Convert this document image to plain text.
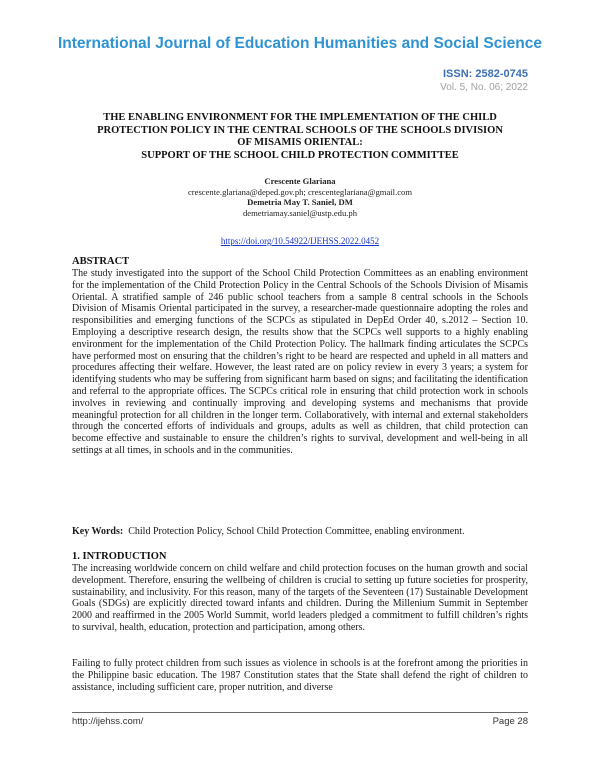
International Journal of Education Humanities and Social Science
ISSN: 2582-0745
Vol. 5, No. 06; 2022
THE ENABLING ENVIRONMENT FOR THE IMPLEMENTATION OF THE CHILD
PROTECTION POLICY IN THE CENTRAL SCHOOLS OF THE SCHOOLS DIVISION
OF MISAMIS ORIENTAL:
SUPPORT OF THE SCHOOL CHILD PROTECTION COMMITTEE
Crescente Glariana
crescente.glariana@deped.gov.ph; crescenteglariana@gmail.com
Demetria May T. Saniel, DM
demetriamay.saniel@ustp.edu.ph
https://doi.org/10.54922/IJEHSS.2022.0452
ABSTRACT

The study investigated into the support of the School Child Protection Committees as an enabling environment for the implementation of the Child Protection Policy in the Central Schools of the Schools Division of Misamis Oriental. A stratified sample of 246 public school teachers from a sample 8 central schools in the Schools Division of Misamis Oriental participated in the survey, a researcher-made questionnaire adopting the roles and responsibilities and emerging functions of the SCPCs as stipulated in DepEd Order 40, s.2012 – Section 10. Employing a descriptive research design, the results show that the SCPCs well supports to a highly enabling environment for the implementation of the Child Protection Policy. The hallmark finding articulates the SCPCs have performed most on ensuring that the children’s right to be heard are respected and upheld in all matters and procedures affecting their welfare. However, the least rated are on policy review in every 3 years; a system for identifying students who may be suffering from significant harm based on signs; and facilitating the identification and referral to the appropriate offices. The SCPCs critical role in ensuring that child protection work in schools involves in reviewing and continually improving and developing systems and mechanisms that provide meaningful protection for all children in the longer term. Collaboratively, with internal and external stakeholders through the concerted efforts of individuals and groups, adults as well as children, that child protection can become effective and sustainable to ensure the children’s rights to survival, development and well-being in all settings at all times, in schools and in the communities.

Key Words: Child Protection Policy, School Child Protection Committee, enabling environment.
1. INTRODUCTION

The increasing worldwide concern on child welfare and child protection focuses on the human growth and social development. Therefore, ensuring the wellbeing of children is crucial to setting up future societies for prosperity, sustainability, and inclusivity. For this reason, many of the targets of the Seventeen (17) Sustainable Development Goals (SDGs) are explicitly directed toward infants and children. During the Millenium Summit in September 2000 and reaffirmed in the 2005 World Summit, world leaders pledged a commitment to fulfill children’s rights to survival, health, education, protection and participation, among others.

Failing to fully protect children from such issues as violence in schools is at the forefront among the priorities in the Philippine basic education. The 1987 Constitution states that the State shall defend the right of children to assistance, including sufficient care, proper nutrition, and diverse

http://ijehss.com/	Page 28
